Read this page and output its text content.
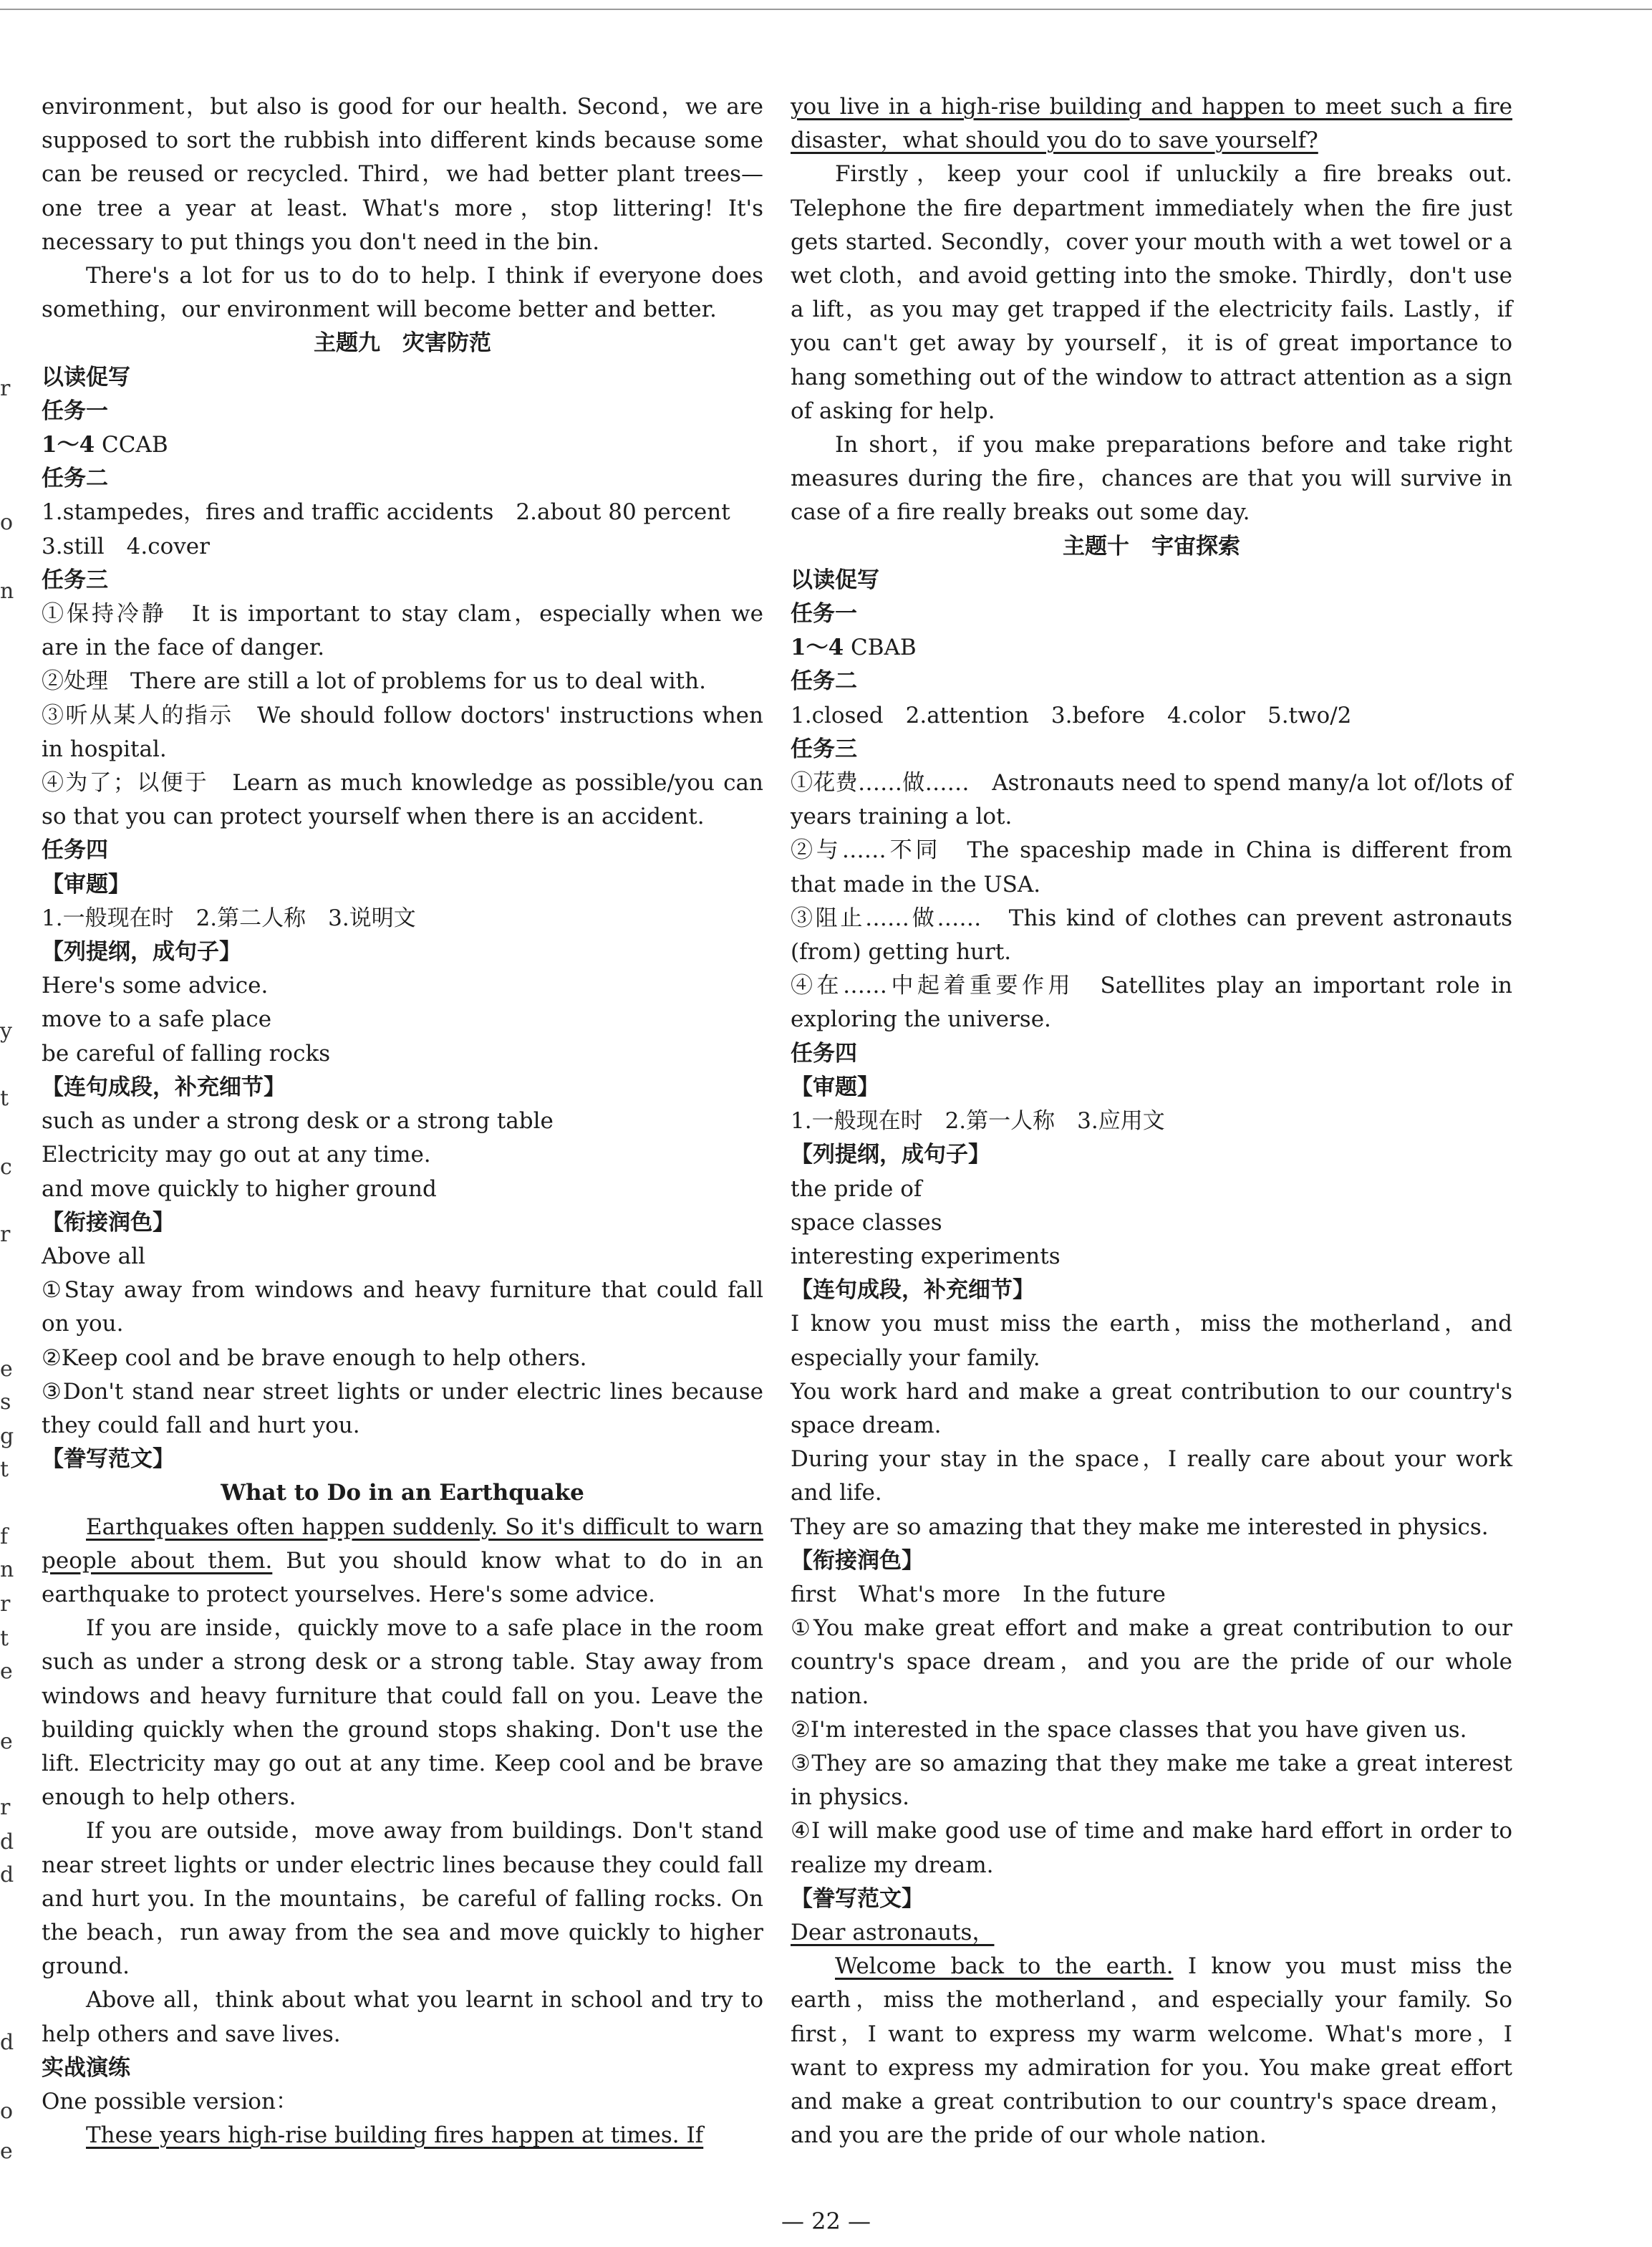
r
o
n
y
t
c
r
e
s
g
t
f
n
r
t
e
e
r
d
d
d
o
e

environment，but also is good for our health. Second，we are supposed to sort the rubbish into different kinds because some can be reused or recycled. Third，we had better plant trees—one tree a year at least. What's more，stop littering! It's necessary to put things you don't need in the bin.

There's a lot for us to do to help. I think if everyone does something，our environment will become better and better.

主题九　灾害防范

以读促写

任务一

1～4 CCAB

任务二

1.stampedes，fires and traffic accidents　2.about 80 percent

3.still　4.cover

任务三

①保持冷静　It is important to stay clam，especially when we are in the face of danger.

②处理　There are still a lot of problems for us to deal with.

③听从某人的指示　We should follow doctors' instructions when in hospital.

④为了；以便于　Learn as much knowledge as possible/you can so that you can protect yourself when there is an accident.

任务四

【审题】

1.一般现在时　2.第二人称　3.说明文

【列提纲，成句子】

Here's some advice.

move to a safe place

be careful of falling rocks

【连句成段，补充细节】

such as under a strong desk or a strong table

Electricity may go out at any time.

and move quickly to higher ground

【衔接润色】

Above all

①Stay away from windows and heavy furniture that could fall on you.

②Keep cool and be brave enough to help others.

③Don't stand near street lights or under electric lines because they could fall and hurt you.

【誊写范文】

What to Do in an Earthquake

Earthquakes often happen suddenly. So it's difficult to warn people about them. But you should know what to do in an earthquake to protect yourselves. Here's some advice.

If you are inside，quickly move to a safe place in the room such as under a strong desk or a strong table. Stay away from windows and heavy furniture that could fall on you. Leave the building quickly when the ground stops shaking. Don't use the lift. Electricity may go out at any time. Keep cool and be brave enough to help others.

If you are outside，move away from buildings. Don't stand near street lights or under electric lines because they could fall and hurt you. In the mountains，be careful of falling rocks. On the beach，run away from the sea and move quickly to higher ground.

Above all，think about what you learnt in school and try to help others and save lives.

实战演练

One possible version：

These years high-rise building fires happen at times. If

you live in a high-rise building and happen to meet such a fire disaster，what should you do to save yourself?

Firstly，keep your cool if unluckily a fire breaks out. Telephone the fire department immediately when the fire just gets started. Secondly，cover your mouth with a wet towel or a wet cloth，and avoid getting into the smoke. Thirdly，don't use a lift，as you may get trapped if the electricity fails. Lastly，if you can't get away by yourself，it is of great importance to hang something out of the window to attract attention as a sign of asking for help.

In short，if you make preparations before and take right measures during the fire，chances are that you will survive in case of a fire really breaks out some day.

主题十　宇宙探索

以读促写

任务一

1～4 CBAB

任务二

1.closed　2.attention　3.before　4.color　5.two/2

任务三

①花费……做……　Astronauts need to spend many/a lot of/lots of years training a lot.

②与……不同　The spaceship made in China is different from that made in the USA.

③阻止……做……　This kind of clothes can prevent astronauts (from) getting hurt.

④在……中起着重要作用　Satellites play an important role in exploring the universe.

任务四

【审题】

1.一般现在时　2.第一人称　3.应用文

【列提纲，成句子】

the pride of

space classes

interesting experiments

【连句成段，补充细节】

I know you must miss the earth，miss the motherland，and especially your family.

You work hard and make a great contribution to our country's space dream.

During your stay in the space，I really care about your work and life.

They are so amazing that they make me interested in physics.

【衔接润色】

first　What's more　In the future

①You make great effort and make a great contribution to our country's space dream，and you are the pride of our whole nation.

②I'm interested in the space classes that you have given us.

③They are so amazing that they make me take a great interest in physics.

④I will make good use of time and make hard effort in order to realize my dream.

【誊写范文】

Dear astronauts，

Welcome back to the earth. I know you must miss the earth，miss the motherland，and especially your family. So first，I want to express my warm welcome. What's more，I want to express my admiration for you. You make great effort and make a great contribution to our country's space dream，and you are the pride of our whole nation.

— 22 —
